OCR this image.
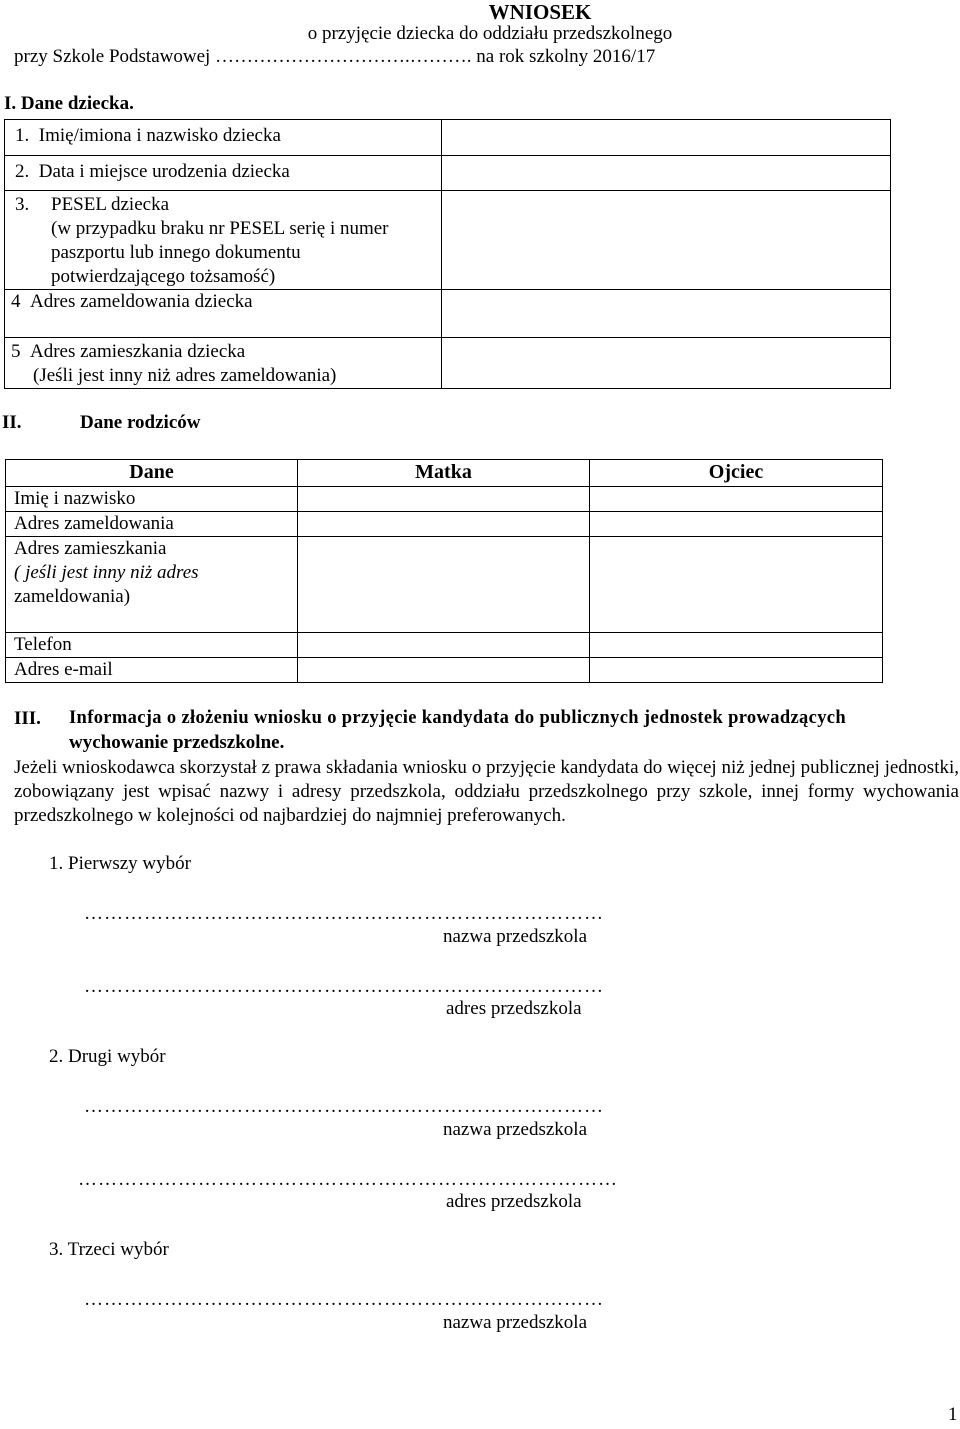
WNIOSEK
o przyjęcie dziecka do oddziału przedszkolnego
przy Szkole Podstawowej ………………………….………. na rok szkolny 2016/17
I. Dane dziecka.
1. Imię/imiona i nazwisko dziecka	
2. Data i miejsce urodzenia dziecka	

3. PESEL dziecka
(w przypadku braku nr PESEL serię i numer
paszportu lub innego dokumentu
potwierdzającego tożsamość)	

4 Adres zameldowania dziecka	

5 Adres zamieszkania dziecka
(Jeśli jest inny niż adres zameldowania)	

II.	Dane rodziców
Dane	Matka	Ojciec
Imię i nazwisko		
Adres zameldowania		

Adres zamieszkania
( jeśli jest inny niż adres
zameldowania)		

Telefon		
Adres e-mail		
III. Informacja o złożeniu wniosku o przyjęcie kandydata do publicznych jednostek prowadzących
wychowanie przedszkolne.
Jeżeli wnioskodawca skorzystał z prawa składania wniosku o przyjęcie kandydata do więcej niż jednej publicznej jednostki, zobowiązany jest wpisać nazwy i adresy przedszkola, oddziału przedszkolnego przy szkole, innej formy wychowania przedszkolnego w kolejności od najbardziej do najmniej preferowanych.
1. Pierwszy wybór
……………………………………………………………………
nazwa przedszkola
……………………………………………………………………
adres przedszkola
2. Drugi wybór
……………………………………………………………………
nazwa przedszkola
………………………………………………………………………
adres przedszkola
3. Trzeci wybór
……………………………………………………………………
nazwa przedszkola
1
